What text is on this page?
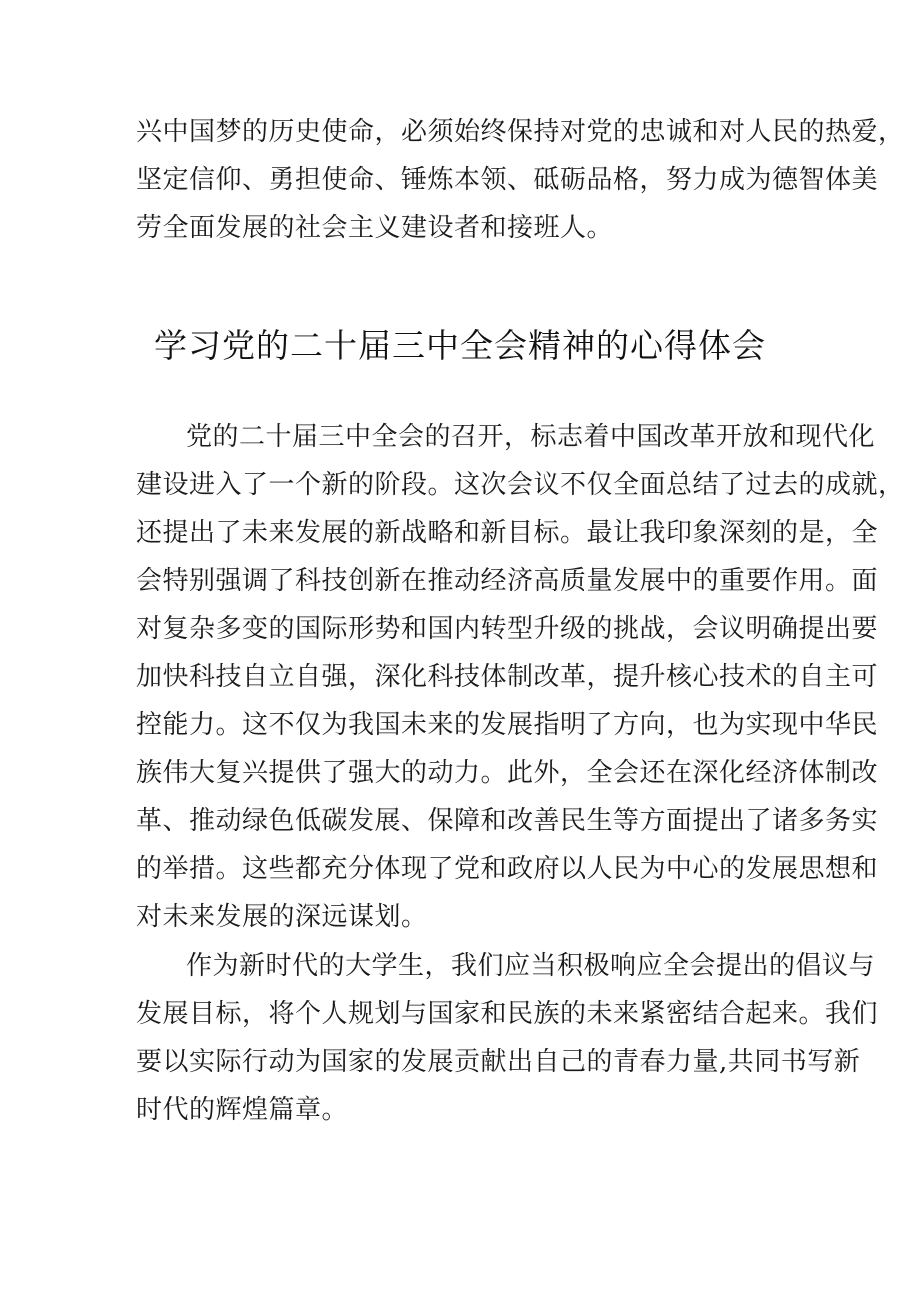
兴中国梦的历史使命，必须始终保持对党的忠诚和对人民的热爱，
坚定信仰、勇担使命、锤炼本领、砥砺品格，努力成为德智体美
劳全面发展的社会主义建设者和接班人。
学习党的二十届三中全会精神的心得体会
党的二十届三中全会的召开，标志着中国改革开放和现代化
建设进入了一个新的阶段。这次会议不仅全面总结了过去的成就，
还提出了未来发展的新战略和新目标。最让我印象深刻的是，全
会特别强调了科技创新在推动经济高质量发展中的重要作用。面
对复杂多变的国际形势和国内转型升级的挑战，会议明确提出要
加快科技自立自强，深化科技体制改革，提升核心技术的自主可
控能力。这不仅为我国未来的发展指明了方向，也为实现中华民
族伟大复兴提供了强大的动力。此外，全会还在深化经济体制改
革、推动绿色低碳发展、保障和改善民生等方面提出了诸多务实
的举措。这些都充分体现了党和政府以人民为中心的发展思想和
对未来发展的深远谋划。
作为新时代的大学生，我们应当积极响应全会提出的倡议与
发展目标，将个人规划与国家和民族的未来紧密结合起来。我们
要以实际行动为国家的发展贡献出自己的青春力量,共同书写新
时代的辉煌篇章。
